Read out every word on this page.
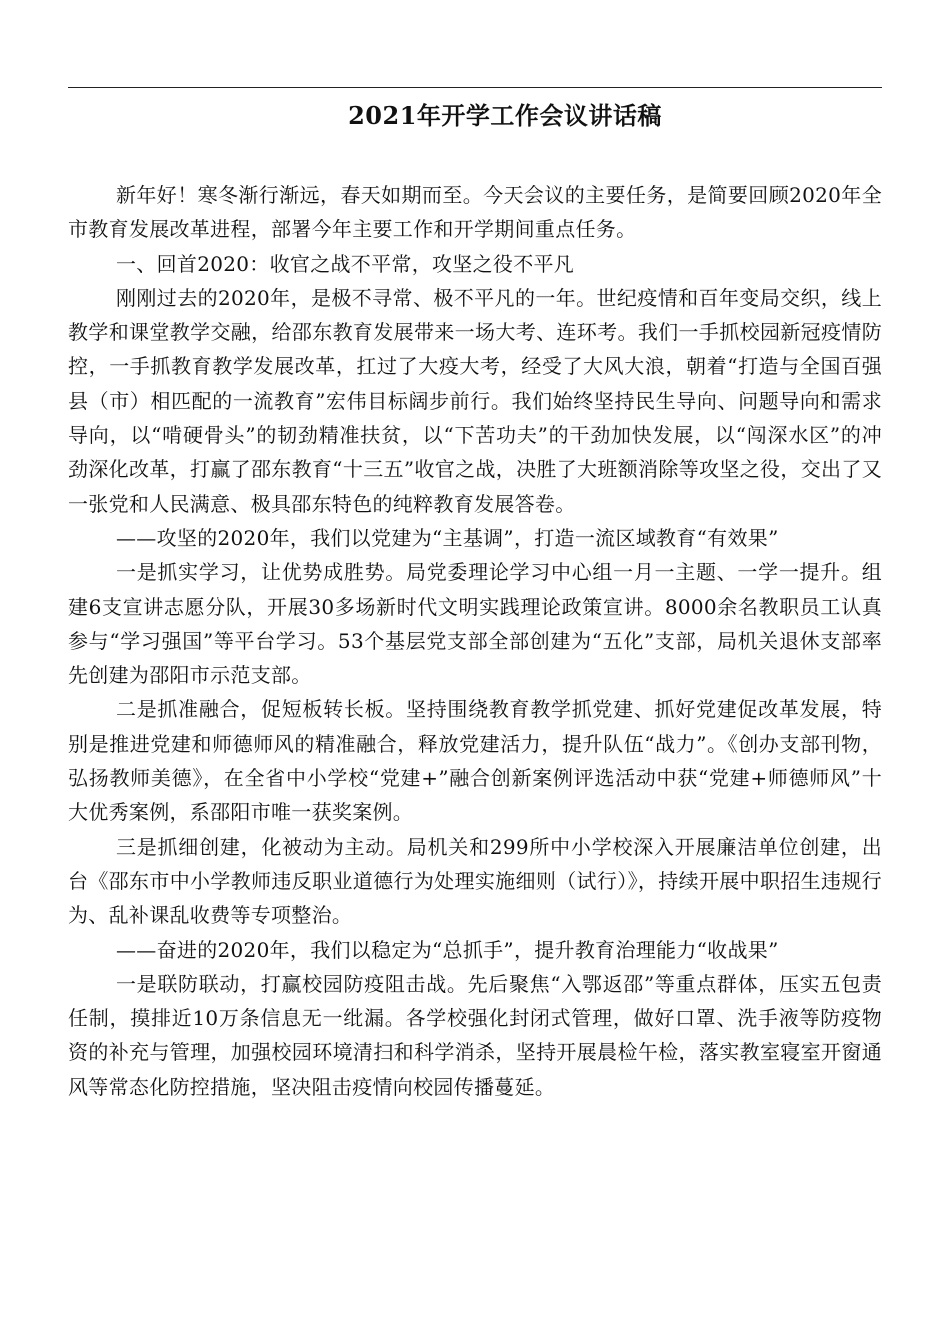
2021年开学工作会议讲话稿

新年好！寒冬渐行渐远，春天如期而至。今天会议的主要任务，是简要回顾2020年全市教育发展改革进程，部署今年主要工作和开学期间重点任务。

一、回首2020：收官之战不平常，攻坚之役不平凡

刚刚过去的2020年，是极不寻常、极不平凡的一年。世纪疫情和百年变局交织，线上教学和课堂教学交融，给邵东教育发展带来一场大考、连环考。我们一手抓校园新冠疫情防控，一手抓教育教学发展改革，扛过了大疫大考，经受了大风大浪，朝着“打造与全国百强县（市）相匹配的一流教育”宏伟目标阔步前行。我们始终坚持民生导向、问题导向和需求导向，以“啃硬骨头”的韧劲精准扶贫，以“下苦功夫”的干劲加快发展，以“闯深水区”的冲劲深化改革，打赢了邵东教育“十三五”收官之战，决胜了大班额消除等攻坚之役，交出了又一张党和人民满意、极具邵东特色的纯粹教育发展答卷。

——攻坚的2020年，我们以党建为“主基调”，打造一流区域教育“有效果”

一是抓实学习，让优势成胜势。局党委理论学习中心组一月一主题、一学一提升。组建6支宣讲志愿分队，开展30多场新时代文明实践理论政策宣讲。8000余名教职员工认真参与“学习强国”等平台学习。53个基层党支部全部创建为“五化”支部，局机关退休支部率先创建为邵阳市示范支部。

二是抓准融合，促短板转长板。坚持围绕教育教学抓党建、抓好党建促改革发展，特别是推进党建和师德师风的精准融合，释放党建活力，提升队伍“战力”。《创办支部刊物，弘扬教师美德》，在全省中小学校“党建+”融合创新案例评选活动中获“党建+师德师风”十大优秀案例，系邵阳市唯一获奖案例。

三是抓细创建，化被动为主动。局机关和299所中小学校深入开展廉洁单位创建，出台《邵东市中小学教师违反职业道德行为处理实施细则（试行）》，持续开展中职招生违规行为、乱补课乱收费等专项整治。

——奋进的2020年，我们以稳定为“总抓手”，提升教育治理能力“收战果”

一是联防联动，打赢校园防疫阻击战。先后聚焦“入鄂返邵”等重点群体，压实五包责任制，摸排近10万条信息无一纰漏。各学校强化封闭式管理，做好口罩、洗手液等防疫物资的补充与管理，加强校园环境清扫和科学消杀，坚持开展晨检午检，落实教室寝室开窗通风等常态化防控措施，坚决阻击疫情向校园传播蔓延。
